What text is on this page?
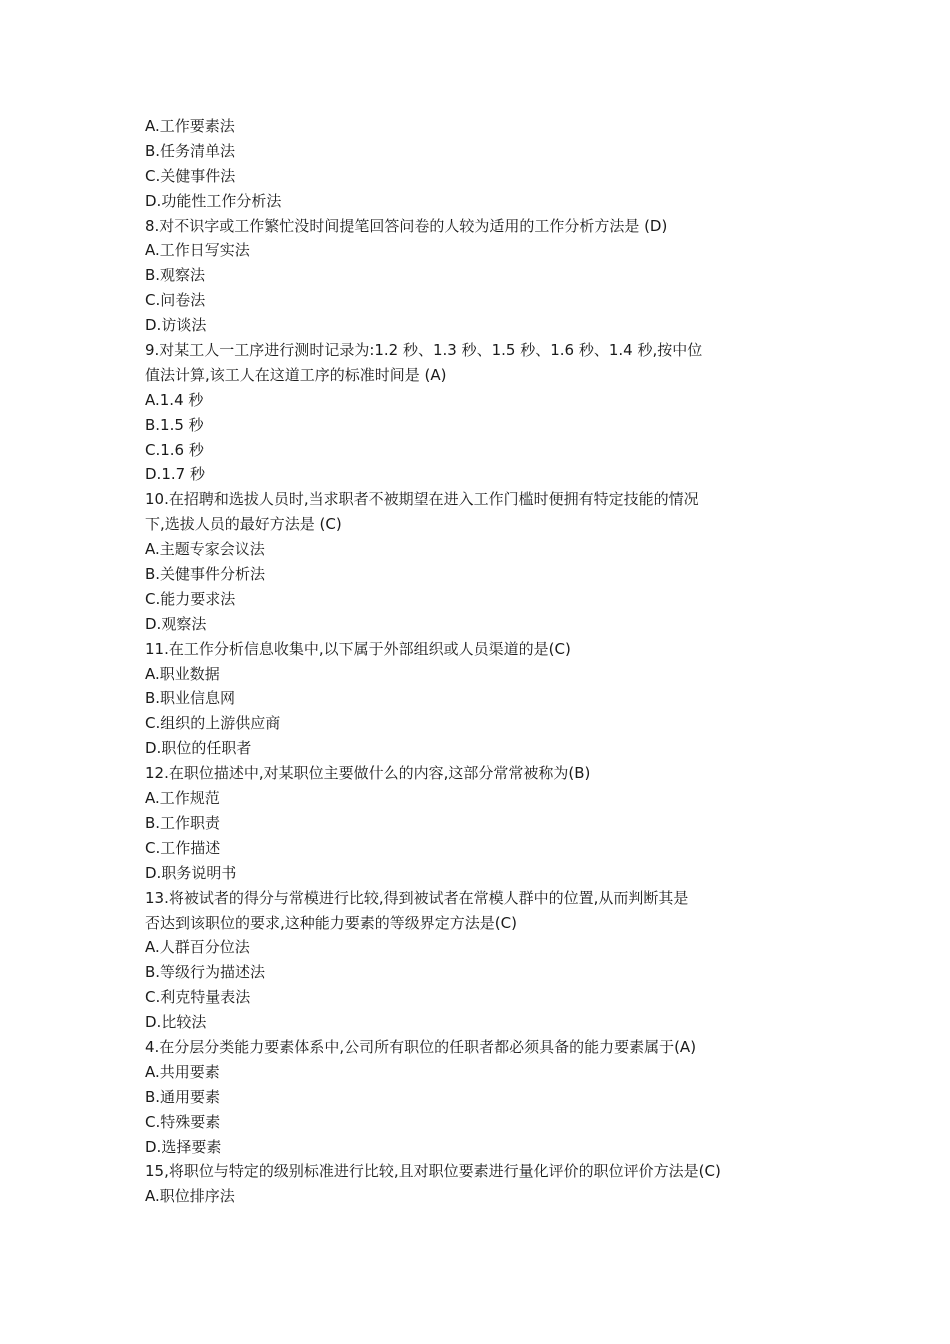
A.工作要素法
B.任务清单法
C.关健事件法
D.功能性工作分析法
8.对不识字或工作繁忙没时间提笔回答问卷的人较为适用的工作分析方法是 (D)
A.工作日写实法
B.观察法
C.问卷法
D.访谈法
9.对某工人一工序进行测时记录为:1.2 秒、1.3 秒、1.5 秒、1.6 秒、1.4 秒,按中位
值法计算,该工人在这道工序的标准时间是 (A)
A.1.4 秒
B.1.5 秒
C.1.6 秒
D.1.7 秒
10.在招聘和选拔人员时,当求职者不被期望在进入工作门槛时便拥有特定技能的情况
下,选拔人员的最好方法是 (C)
A.主题专家会议法
B.关健事件分析法
C.能力要求法
D.观察法
11.在工作分析信息收集中,以下属于外部组织或人员渠道的是(C)
A.职业数据
B.职业信息网
C.组织的上游供应商
D.职位的任职者
12.在职位描述中,对某职位主要做什么的内容,这部分常常被称为(B)
A.工作规范
B.工作职责
C.工作描述
D.职务说明书
13.将被试者的得分与常模进行比较,得到被试者在常模人群中的位置,从而判断其是
否达到该职位的要求,这种能力要素的等级界定方法是(C)
A.人群百分位法
B.等级行为描述法
C.利克特量表法
D.比较法
4.在分层分类能力要素体系中,公司所有职位的任职者都必须具备的能力要素属于(A)
A.共用要素
B.通用要素
C.特殊要素
D.选择要素
15,将职位与特定的级别标准进行比较,且对职位要素进行量化评价的职位评价方法是(C)
A.职位排序法
